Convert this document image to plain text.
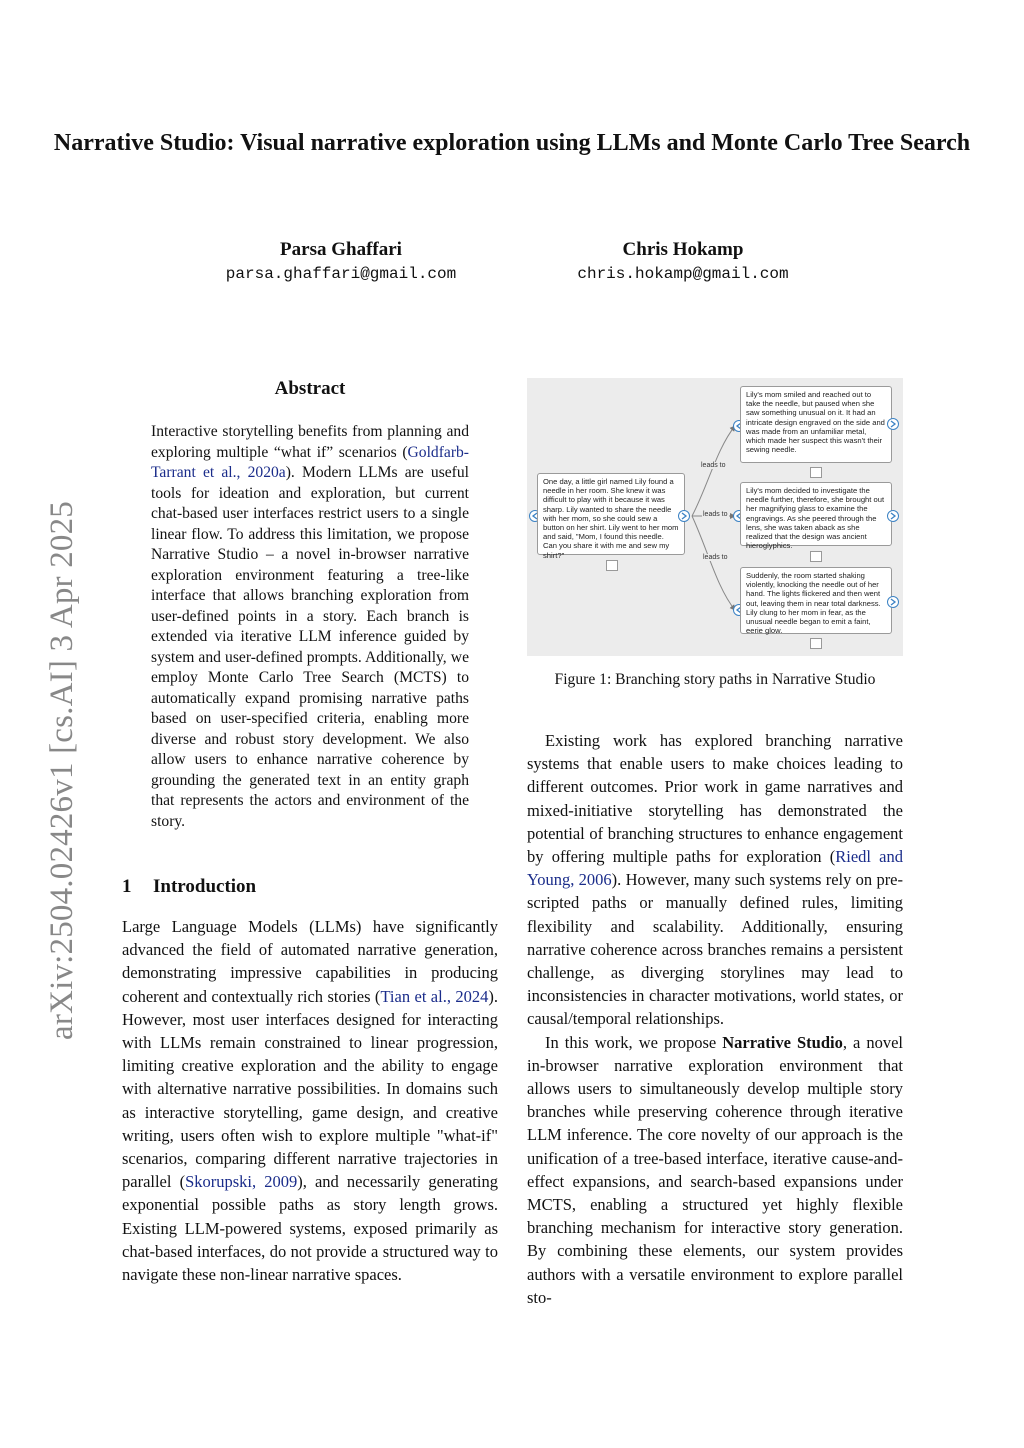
Narrative Studio: Visual narrative exploration using LLMs and Monte Carlo Tree Search
Parsa Ghaffari
parsa.ghaffari@gmail.com
Chris Hokamp
chris.hokamp@gmail.com
arXiv:2504.02426v1 [cs.AI] 3 Apr 2025
Abstract
Interactive storytelling benefits from planning and exploring multiple “what if” scenarios (Goldfarb-Tarrant et al., 2020a). Modern LLMs are useful tools for ideation and exploration, but current chat-based user interfaces restrict users to a single linear flow. To address this limitation, we propose Narrative Studio – a novel in-browser narrative exploration environment featuring a tree-like interface that allows branching exploration from user-defined points in a story. Each branch is extended via iterative LLM inference guided by system and user-defined prompts. Additionally, we employ Monte Carlo Tree Search (MCTS) to automatically expand promising narrative paths based on user-specified criteria, enabling more diverse and robust story development. We also allow users to enhance narrative coherence by grounding the generated text in an entity graph that represents the actors and environment of the story.
1 Introduction
Large Language Models (LLMs) have significantly advanced the field of automated narrative generation, demonstrating impressive capabilities in producing coherent and contextually rich stories (Tian et al., 2024). However, most user interfaces designed for interacting with LLMs remain constrained to linear progression, limiting creative exploration and the ability to engage with alternative narrative possibilities. In domains such as interactive storytelling, game design, and creative writing, users often wish to explore multiple "what-if" scenarios, comparing different narrative trajectories in parallel (Skorupski, 2009), and necessarily generating exponential possible paths as story length grows. Existing LLM-powered systems, exposed primarily as chat-based interfaces, do not provide a structured way to navigate these non-linear narrative spaces.
One day, a little girl named Lily found a needle in her room. She knew it was difficult to play with it because it was sharp. Lily wanted to share the needle with her mom, so she could sew a button on her shirt. Lily went to her mom and said, "Mom, I found this needle. Can you share it with me and sew my shirt?"
leads to
leads to
leads to
Lily's mom smiled and reached out to take the needle, but paused when she saw something unusual on it. It had an intricate design engraved on the side and was made from an unfamiliar metal, which made her suspect this wasn't their sewing needle.
Lily's mom decided to investigate the needle further, therefore, she brought out her magnifying glass to examine the engravings. As she peered through the lens, she was taken aback as she realized that the design was ancient hieroglyphics.
Suddenly, the room started shaking violently, knocking the needle out of her hand. The lights flickered and then went out, leaving them in near total darkness. Lily clung to her mom in fear, as the unusual needle began to emit a faint, eerie glow.
Figure 1: Branching story paths in Narrative Studio

Existing work has explored branching narrative systems that enable users to make choices leading to different outcomes. Prior work in game narratives and mixed-initiative storytelling has demonstrated the potential of branching structures to enhance engagement by offering multiple paths for exploration (Riedl and Young, 2006). However, many such systems rely on pre-scripted paths or manually defined rules, limiting flexibility and scalability. Additionally, ensuring narrative coherence across branches remains a persistent challenge, as diverging storylines may lead to inconsistencies in character motivations, world states, or causal/temporal relationships.

In this work, we propose Narrative Studio, a novel in-browser narrative exploration environment that allows users to simultaneously develop multiple story branches while preserving coherence through iterative LLM inference. The core novelty of our approach is the unification of a tree-based interface, iterative cause-and-effect expansions, and search-based expansions under MCTS, enabling a structured yet highly flexible branching mechanism for interactive story generation. By combining these elements, our system provides authors with a versatile environment to explore parallel sto-
